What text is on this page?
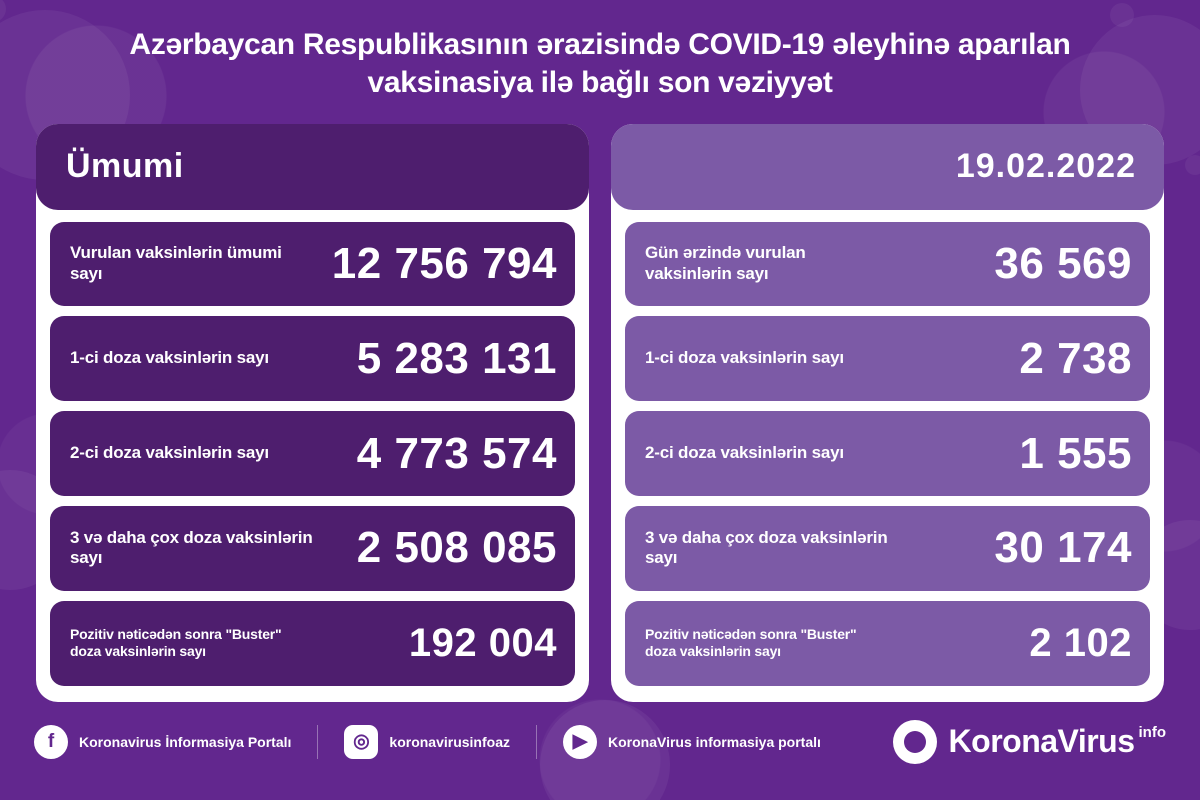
Azərbaycan Respublikasının ərazisində COVID-19 əleyhinə aparılan vaksinasiya ilə bağlı son vəziyyət
Ümumi
Vurulan vaksinlərin ümumi sayı	12 756 794
1-ci doza vaksinlərin sayı 5 283 131
2-ci doza vaksinlərin sayı 4 773 574
3 və daha çox doza vaksinlərin sayı	2 508 085
Pozitiv nəticədən sonra "Buster" doza vaksinlərin sayı	192 004
19.02.2022
Gün ərzində vurulan vaksinlərin sayı	36 569
1-ci doza vaksinlərin sayı	2 738
2-ci doza vaksinlərin sayı	1 555
3 və daha çox doza vaksinlərin sayı	30 174
Pozitiv nəticədən sonra "Buster" doza vaksinlərin sayı	2 102
f	Koronavirus İnformasiya Portalı	◎	koronavirusinfoaz	▶	KoronaVirus informasiya portalı	KoronaVirus info
